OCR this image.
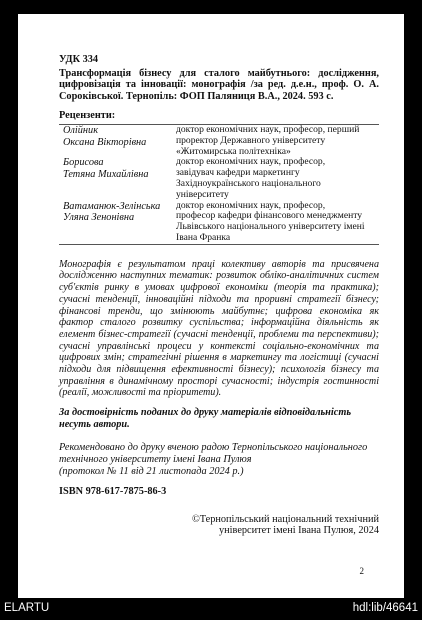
УДК 334
Трансформація бізнесу для сталого майбутнього: дослідження, цифровізація та інновації: монографія /за ред. д.е.н., проф. О. А. Сороківської. Тернопіль: ФОП Паляниця В.А., 2024. 593 с.
Рецензенти:
Олійник
Оксана Вікторівна
доктор економічних наук, професор, перший
проректор Державного університету
«Житомирська політехніка»
Борисова
Тетяна Михайлівна
доктор економічних наук, професор,
завідувач кафедри маркетингу
Західноукраїнського національного
університету
Ватаманюк-Зелінська
Уляна Зенонівна
доктор економічних наук, професор,
професор кафедри фінансового менеджменту
Львівського національного університету імені
Івана Франка
Монографія є результатом праці колективу авторів та присвячена дослідженню наступних тематик: розвиток обліко-аналітичних систем суб'єктів ринку в умовах цифрової економіки (теорія та практика); сучасні тенденції, інноваційні підходи та проривні стратегії бізнесу; фінансові тренди, що змінюють майбутнє; цифрова економіка як фактор сталого розвитку суспільства; інформаційна діяльність як елемент бізнес-стратегії (сучасні тенденції, проблеми та перспективи); сучасні управлінські процеси у контексті соціально-економічних та цифрових змін; стратегічні рішення в маркетингу та логістиці (сучасні підходи для підвищення ефективності бізнесу); психологія бізнесу та управління в динамічному просторі сучасності; індустрія гостинності (реалії, можливості та пріоритети).
За достовірність поданих до друку матеріалів відповідальність несуть автори.
Рекомендовано до друку вченою радою Тернопільського національного технічного університету імені Івана Пулюя
(протокол № 11 від 21 листопада 2024 р.)
ISBN 978-617-7875-86-3
©Тернопільський національний технічний
університет імені Івана Пулюя, 2024
2
ELARTU	hdl:lib/46641
